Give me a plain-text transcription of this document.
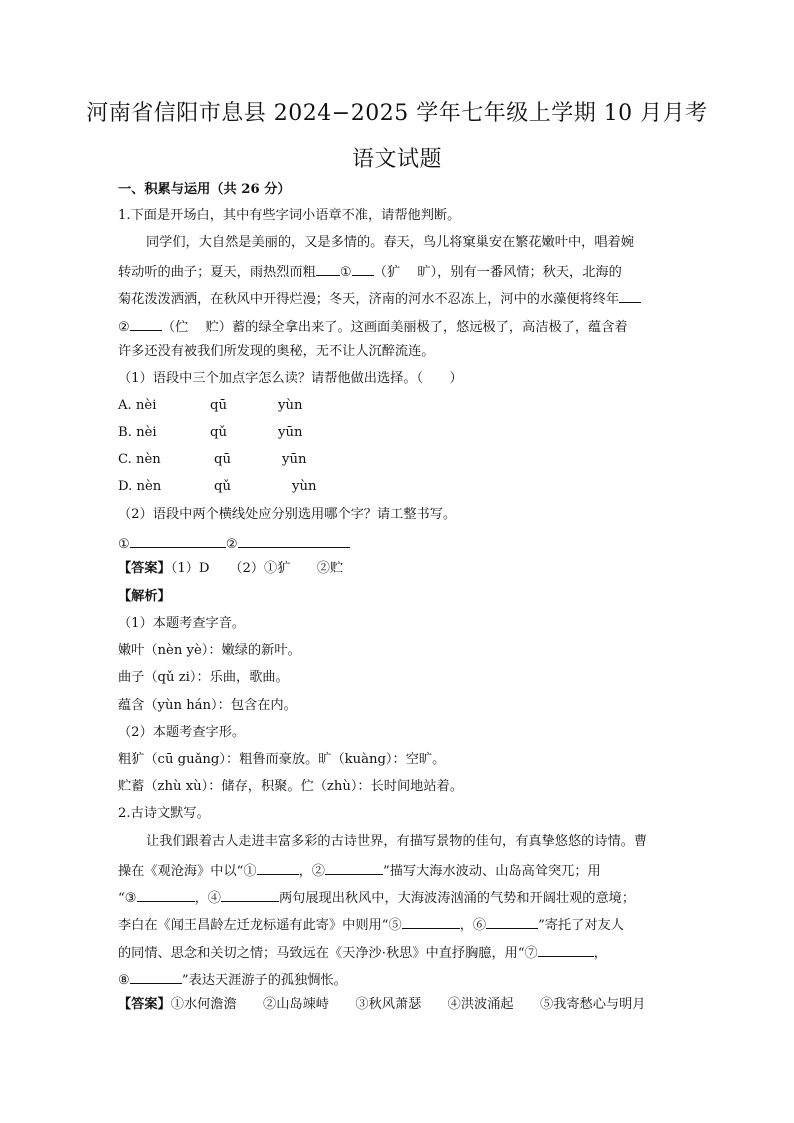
河南省信阳市息县 2024−2025 学年七年级上学期 10 月月考
语文试题
一、积累与运用（共 26 分）
1.下面是开场白，其中有些字词小语章不准，请帮他判断。
同学们，大自然是美丽的，又是多情的。春天，鸟儿将窠巢安在繁花嫩叶中，唱着婉
转动听的曲子；夏天，雨热烈而粗 ① （犷　 旷），别有一番风情；秋天，北海的
菊花泼泼洒洒，在秋风中开得烂漫；冬天，济南的河水不忍冻上，河中的水藻便将终年
② （伫　 贮）蓄的绿全拿出来了。这画面美丽极了，悠远极了，高洁极了，蕴含着
许多还没有被我们所发现的奥秘，无不让人沉醉流连。
（1）语段中三个加点字怎么读？请帮他做出选择。（　　）
A. nèi	qū	yùn
B. nèi	qǔ	yūn
C. nèn	qū	yūn
D. nèn	qǔ	yùn
（2）语段中两个横线处应分别选用哪个字？请工整书写。
①	②
【答案】（1）D　　（2）①犷　　②贮
【解析】
（1）本题考查字音。
嫩叶（nèn yè）：嫩绿的新叶。
曲子（qǔ zi）：乐曲，歌曲。
蕴含（yùn hán）：包含在内。
（2）本题考查字形。
粗犷（cū guǎng）：粗鲁而豪放。旷（kuàng）：空旷。
贮蓄（zhù xù）：储存，积聚。伫（zhù）：长时间地站着。
2.古诗文默写。
让我们跟着古人走进丰富多彩的古诗世界，有描写景物的佳句，有真挚悠悠的诗情。曹
操在《观沧海》中以“①	，②	”描写大海水波动、山岛高耸突兀；用
“③	，④	两句展现出秋风中，大海波涛汹涌的气势和开阔壮观的意境；
李白在《闻王昌龄左迁龙标遥有此寄》中则用“⑤	，⑥	”寄托了对友人
的同情、思念和关切之情；马致远在《天净沙·秋思》中直抒胸臆，用“⑦	，
⑧	”表达天涯游子的孤独惆怅。
【答案】①水何澹澹　　②山岛竦峙　　③秋风萧瑟　　④洪波涌起　　⑤我寄愁心与明月
